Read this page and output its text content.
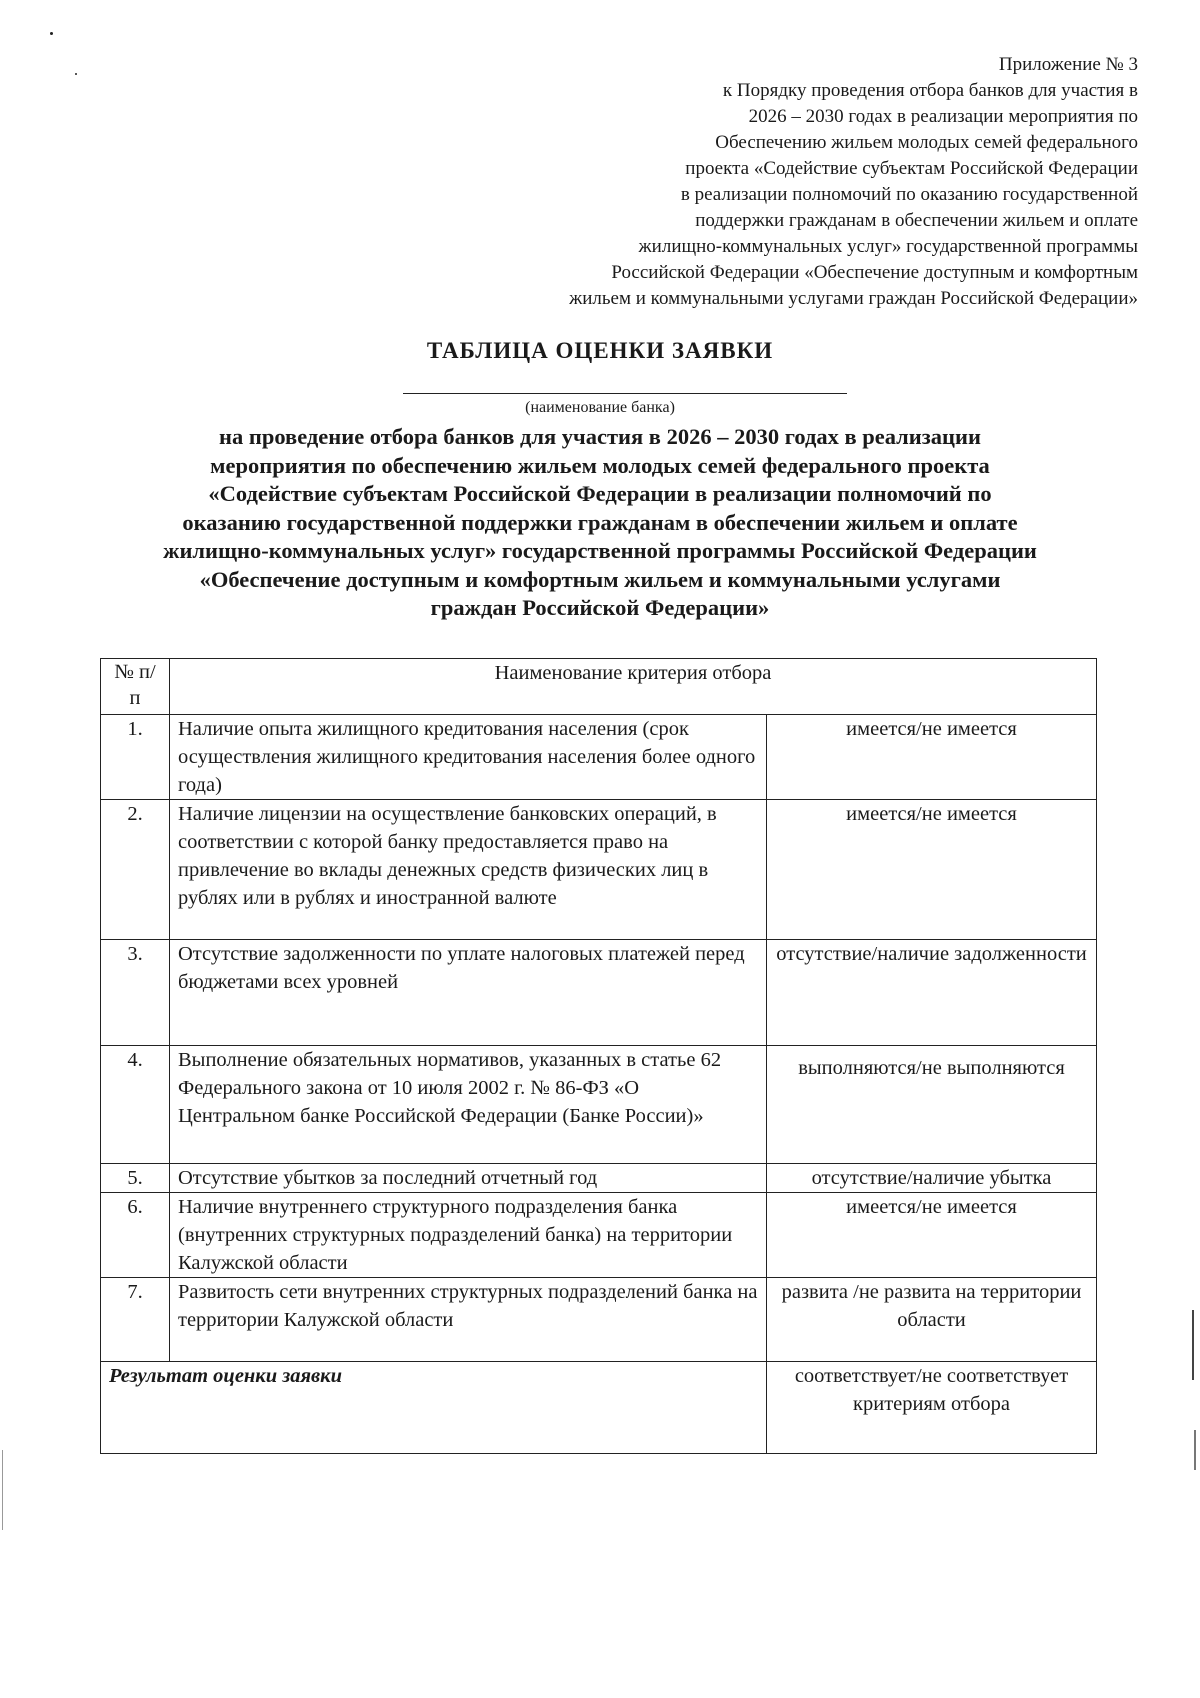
Приложение № 3
к Порядку проведения отбора банков для участия в
2026 – 2030 годах в реализации мероприятия по
Обеспечению жильем молодых семей федерального
проекта «Содействие субъектам Российской Федерации
в реализации полномочий по оказанию государственной
поддержки гражданам в обеспечении жильем и оплате
жилищно-коммунальных услуг» государственной программы
Российской Федерации «Обеспечение доступным и комфортным
жильем и коммунальными услугами граждан Российской Федерации»
ТАБЛИЦА ОЦЕНКИ ЗАЯВКИ
(наименование банка)
на проведение отбора банков для участия в 2026 – 2030 годах в реализации
мероприятия по обеспечению жильем молодых семей федерального проекта
«Содействие субъектам Российской Федерации в реализации полномочий по
оказанию государственной поддержки гражданам в обеспечении жильем и оплате
жилищно-коммунальных услуг» государственной программы Российской Федерации
«Обеспечение доступным и комфортным жильем и коммунальными услугами
граждан Российской Федерации»
№ п/п	Наименование критерия отбора	
1.	Наличие опыта жилищного кредитования населения (срок осуществления жилищного кредитования населения более одного года)	имеется/не имеется
2.	Наличие лицензии на осуществление банковских операций, в соответствии с которой банку предоставляется право на привлечение во вклады денежных средств физических лиц в рублях или в рублях и иностранной валюте	имеется/не имеется
3.	Отсутствие задолженности по уплате налоговых платежей перед бюджетами всех уровней	отсутствие/наличие задолженности
4.	Выполнение обязательных нормативов, указанных в статье 62 Федерального закона от 10 июля 2002 г. № 86-ФЗ «О Центральном банке Российской Федерации (Банке России)»	выполняются/не выполняются
5.	Отсутствие убытков за последний отчетный год	отсутствие/наличие убытка
6.	Наличие внутреннего структурного подразделения банка (внутренних структурных подразделений банка) на территории Калужской области	имеется/не имеется
7.	Развитость сети внутренних структурных подразделений банка на территории Калужской области	развита /не развита на территории области
Результат оценки заявки		соответствует/не соответствует критериям отбора
